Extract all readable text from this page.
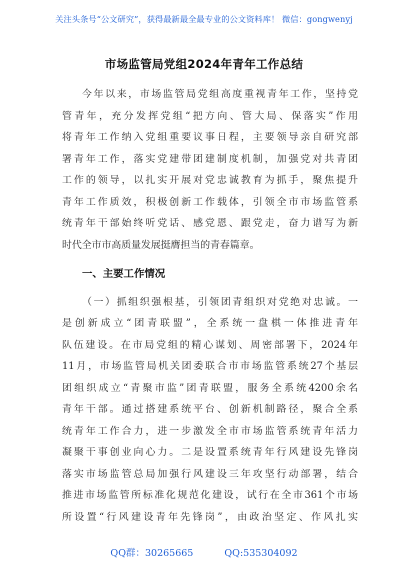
关注头条号“公文研究”，获得最新最全最专业的公文资料库！ 微信：gongwenyj
市场监管局党组2024年青年工作总结
今年以来，市场监管局党组高度重视青年工作，坚持党
管青年，充分发挥党组“把方向、管大局、保落实”作用
将青年工作纳入党组重要议事日程，主要领导亲自研究部
署青年工作，落实党建带团建制度机制，加强党对共青团
工作的领导，以扎实开展对党忠诚教育为抓手，聚焦提升
青年工作质效，积极创新工作载体，引领全市市场监管系
统青年干部始终听党话、感党恩、跟党走，奋力谱写为新
时代全市市高质量发展挺膺担当的青春篇章。
一、主要工作情况
（一）抓组织强根基，引领团青组织对党绝对忠诚。一
是创新成立“团青联盟”，全系统一盘棋一体推进青年
队伍建设。在市局党组的精心谋划、周密部署下，2024年
11月，市场监管局机关团委联合市市场监管系统27个基层
团组织成立“青聚市监”团青联盟，服务全系统4200余名
青年干部。通过搭建系统平台、创新机制路径，聚合全系
统青年工作合力，进一步激发全市市场监管系统青年活力
凝聚干事创业向心力。二是设置系统青年行风建设先锋岗
落实市场监管总局加强行风建设三年攻坚行动部署，结合
推进市场监管所标准化规范化建设，试行在全市361个市场
所设置“行风建设青年先锋岗”，由政治坚定、作风扎实
QQ群：30265665	QQ:535304092
